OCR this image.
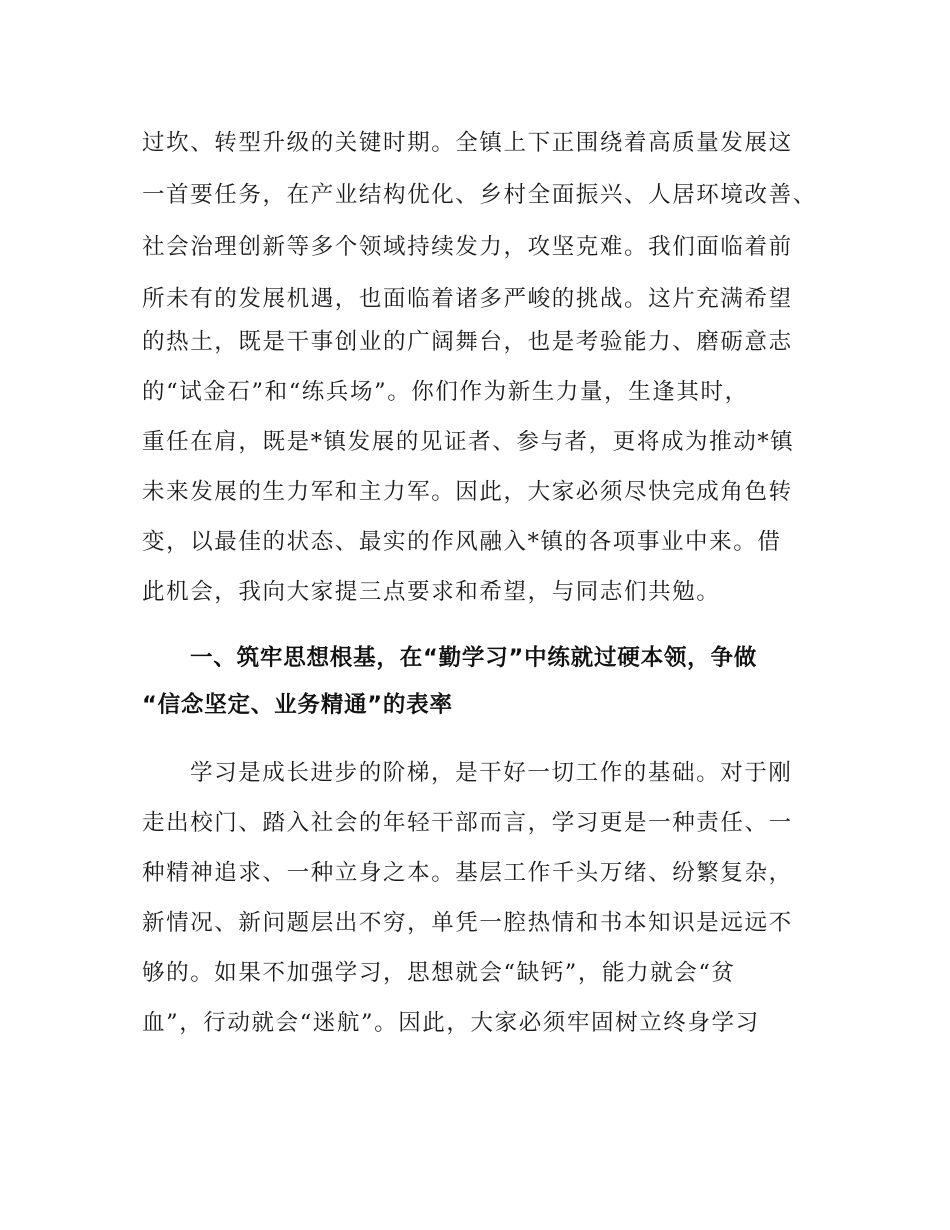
过坎、转型升级的关键时期。全镇上下正围绕着高质量发展这
一首要任务，在产业结构优化、乡村全面振兴、人居环境改善、
社会治理创新等多个领域持续发力，攻坚克难。我们面临着前
所未有的发展机遇，也面临着诸多严峻的挑战。这片充满希望
的热土，既是干事创业的广阔舞台，也是考验能力、磨砺意志
的“试金石”和“练兵场”。你们作为新生力量，生逢其时，
重任在肩，既是*镇发展的见证者、参与者，更将成为推动*镇
未来发展的生力军和主力军。因此，大家必须尽快完成角色转
变，以最佳的状态、最实的作风融入*镇的各项事业中来。借
此机会，我向大家提三点要求和希望，与同志们共勉。
一、筑牢思想根基，在“勤学习”中练就过硬本领，争做
“信念坚定、业务精通”的表率
学习是成长进步的阶梯，是干好一切工作的基础。对于刚
走出校门、踏入社会的年轻干部而言，学习更是一种责任、一
种精神追求、一种立身之本。基层工作千头万绪、纷繁复杂，
新情况、新问题层出不穷，单凭一腔热情和书本知识是远远不
够的。如果不加强学习，思想就会“缺钙”，能力就会“贫
血”，行动就会“迷航”。因此，大家必须牢固树立终身学习
